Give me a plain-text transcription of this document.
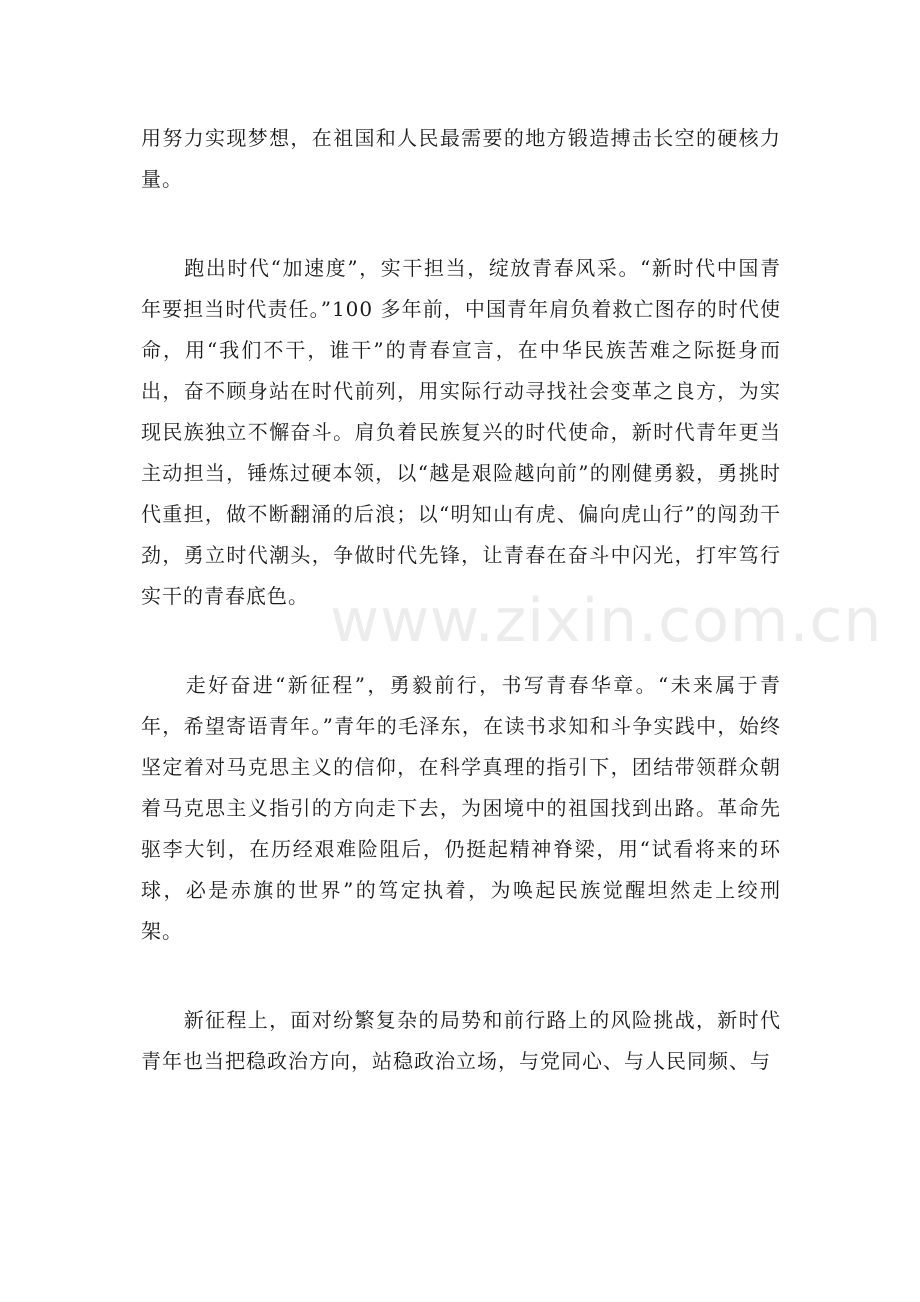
用努力实现梦想，在祖国和人民最需要的地方锻造搏击长空的硬核力量。

　　跑出时代“加速度”，实干担当，绽放青春风采。“新时代中国青年要担当时代责任。”100 多年前，中国青年肩负着救亡图存的时代使命，用“我们不干，谁干”的青春宣言，在中华民族苦难之际挺身而出，奋不顾身站在时代前列，用实际行动寻找社会变革之良方，为实现民族独立不懈奋斗。肩负着民族复兴的时代使命，新时代青年更当主动担当，锤炼过硬本领，以“越是艰险越向前”的刚健勇毅，勇挑时代重担，做不断翻涌的后浪；以“明知山有虎、偏向虎山行”的闯劲干劲，勇立时代潮头，争做时代先锋，让青春在奋斗中闪光，打牢笃行实干的青春底色。

　　走好奋进“新征程”，勇毅前行，书写青春华章。“未来属于青年，希望寄语青年。”青年的毛泽东，在读书求知和斗争实践中，始终坚定着对马克思主义的信仰，在科学真理的指引下，团结带领群众朝着马克思主义指引的方向走下去，为困境中的祖国找到出路。革命先驱李大钊，在历经艰难险阻后，仍挺起精神脊梁，用“试看将来的环球，必是赤旗的世界”的笃定执着，为唤起民族觉醒坦然走上绞刑架。

　　新征程上，面对纷繁复杂的局势和前行路上的风险挑战，新时代青年也当把稳政治方向，站稳政治立场，与党同心、与人民同频、与

www.zixin.com.cn
